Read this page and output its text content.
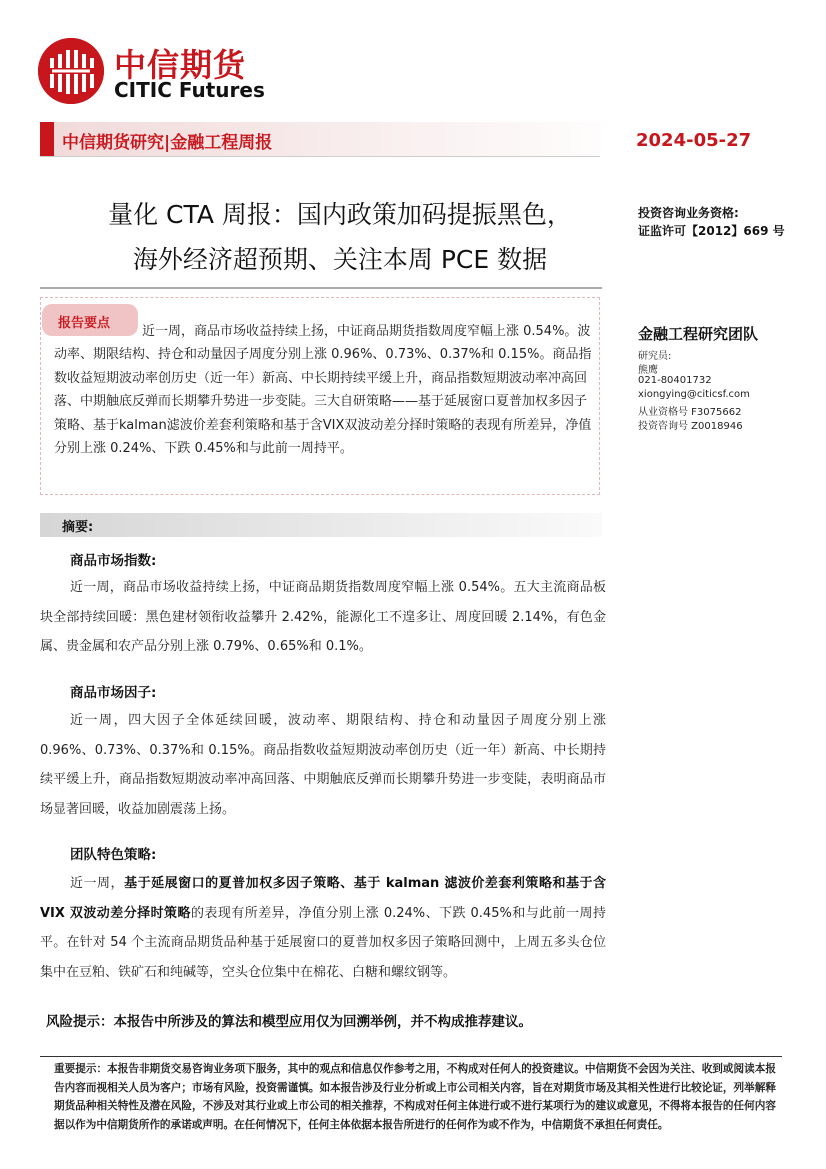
中信期货
CITIC Futures
中信期货研究|金融工程周报	2024-05-27
量化 CTA 周报：国内政策加码提振黑色，
海外经济超预期、关注本周 PCE 数据
投资咨询业务资格:
证监许可【2012】669 号
金融工程研究团队
研究员:
熊鹰
021-80401732
xiongying@citicsf.com
从业资格号 F3075662
投资咨询号 Z0018946
报告要点
近一周，商品市场收益持续上扬，中证商品期货指数周度窄幅上涨 0.54%。波动率、期限结构、持仓和动量因子周度分别上涨 0.96%、0.73%、0.37%和 0.15%。商品指数收益短期波动率创历史（近一年）新高、中长期持续平缓上升，商品指数短期波动率冲高回落、中期触底反弹而长期攀升势进一步变陡。三大自研策略——基于延展窗口夏普加权多因子策略、基于kalman滤波价差套利策略和基于含VIX双波动差分择时策略的表现有所差异，净值分别上涨 0.24%、下跌 0.45%和与此前一周持平。
摘要:
商品市场指数:
近一周，商品市场收益持续上扬，中证商品期货指数周度窄幅上涨 0.54%。五大主流商品板块全部持续回暖：黑色建材领衔收益攀升 2.42%，能源化工不遑多让、周度回暖 2.14%，有色金属、贵金属和农产品分别上涨 0.79%、0.65%和 0.1%。
商品市场因子:
近一周，四大因子全体延续回暖，波动率、期限结构、持仓和动量因子周度分别上涨 0.96%、0.73%、0.37%和 0.15%。商品指数收益短期波动率创历史（近一年）新高、中长期持续平缓上升，商品指数短期波动率冲高回落、中期触底反弹而长期攀升势进一步变陡，表明商品市场显著回暖，收益加剧震荡上扬。
团队特色策略:
近一周，基于延展窗口的夏普加权多因子策略、基于 kalman 滤波价差套利策略和基于含 VIX 双波动差分择时策略的表现有所差异，净值分别上涨 0.24%、下跌 0.45%和与此前一周持平。在针对 54 个主流商品期货品种基于延展窗口的夏普加权多因子策略回测中，上周五多头仓位集中在豆粕、铁矿石和纯碱等，空头仓位集中在棉花、白糖和螺纹钢等。
风险提示：本报告中所涉及的算法和模型应用仅为回溯举例，并不构成推荐建议。
重要提示：本报告非期货交易咨询业务项下服务，其中的观点和信息仅作参考之用，不构成对任何人的投资建议。中信期货不会因为关注、收到或阅读本报告内容而视相关人员为客户；市场有风险，投资需谨慎。如本报告涉及行业分析或上市公司相关内容，旨在对期货市场及其相关性进行比较论证，列举解释期货品种相关特性及潜在风险，不涉及对其行业或上市公司的相关推荐，不构成对任何主体进行或不进行某项行为的建议或意见，不得将本报告的任何内容据以作为中信期货所作的承诺或声明。在任何情况下，任何主体依据本报告所进行的任何作为或不作为，中信期货不承担任何责任。
